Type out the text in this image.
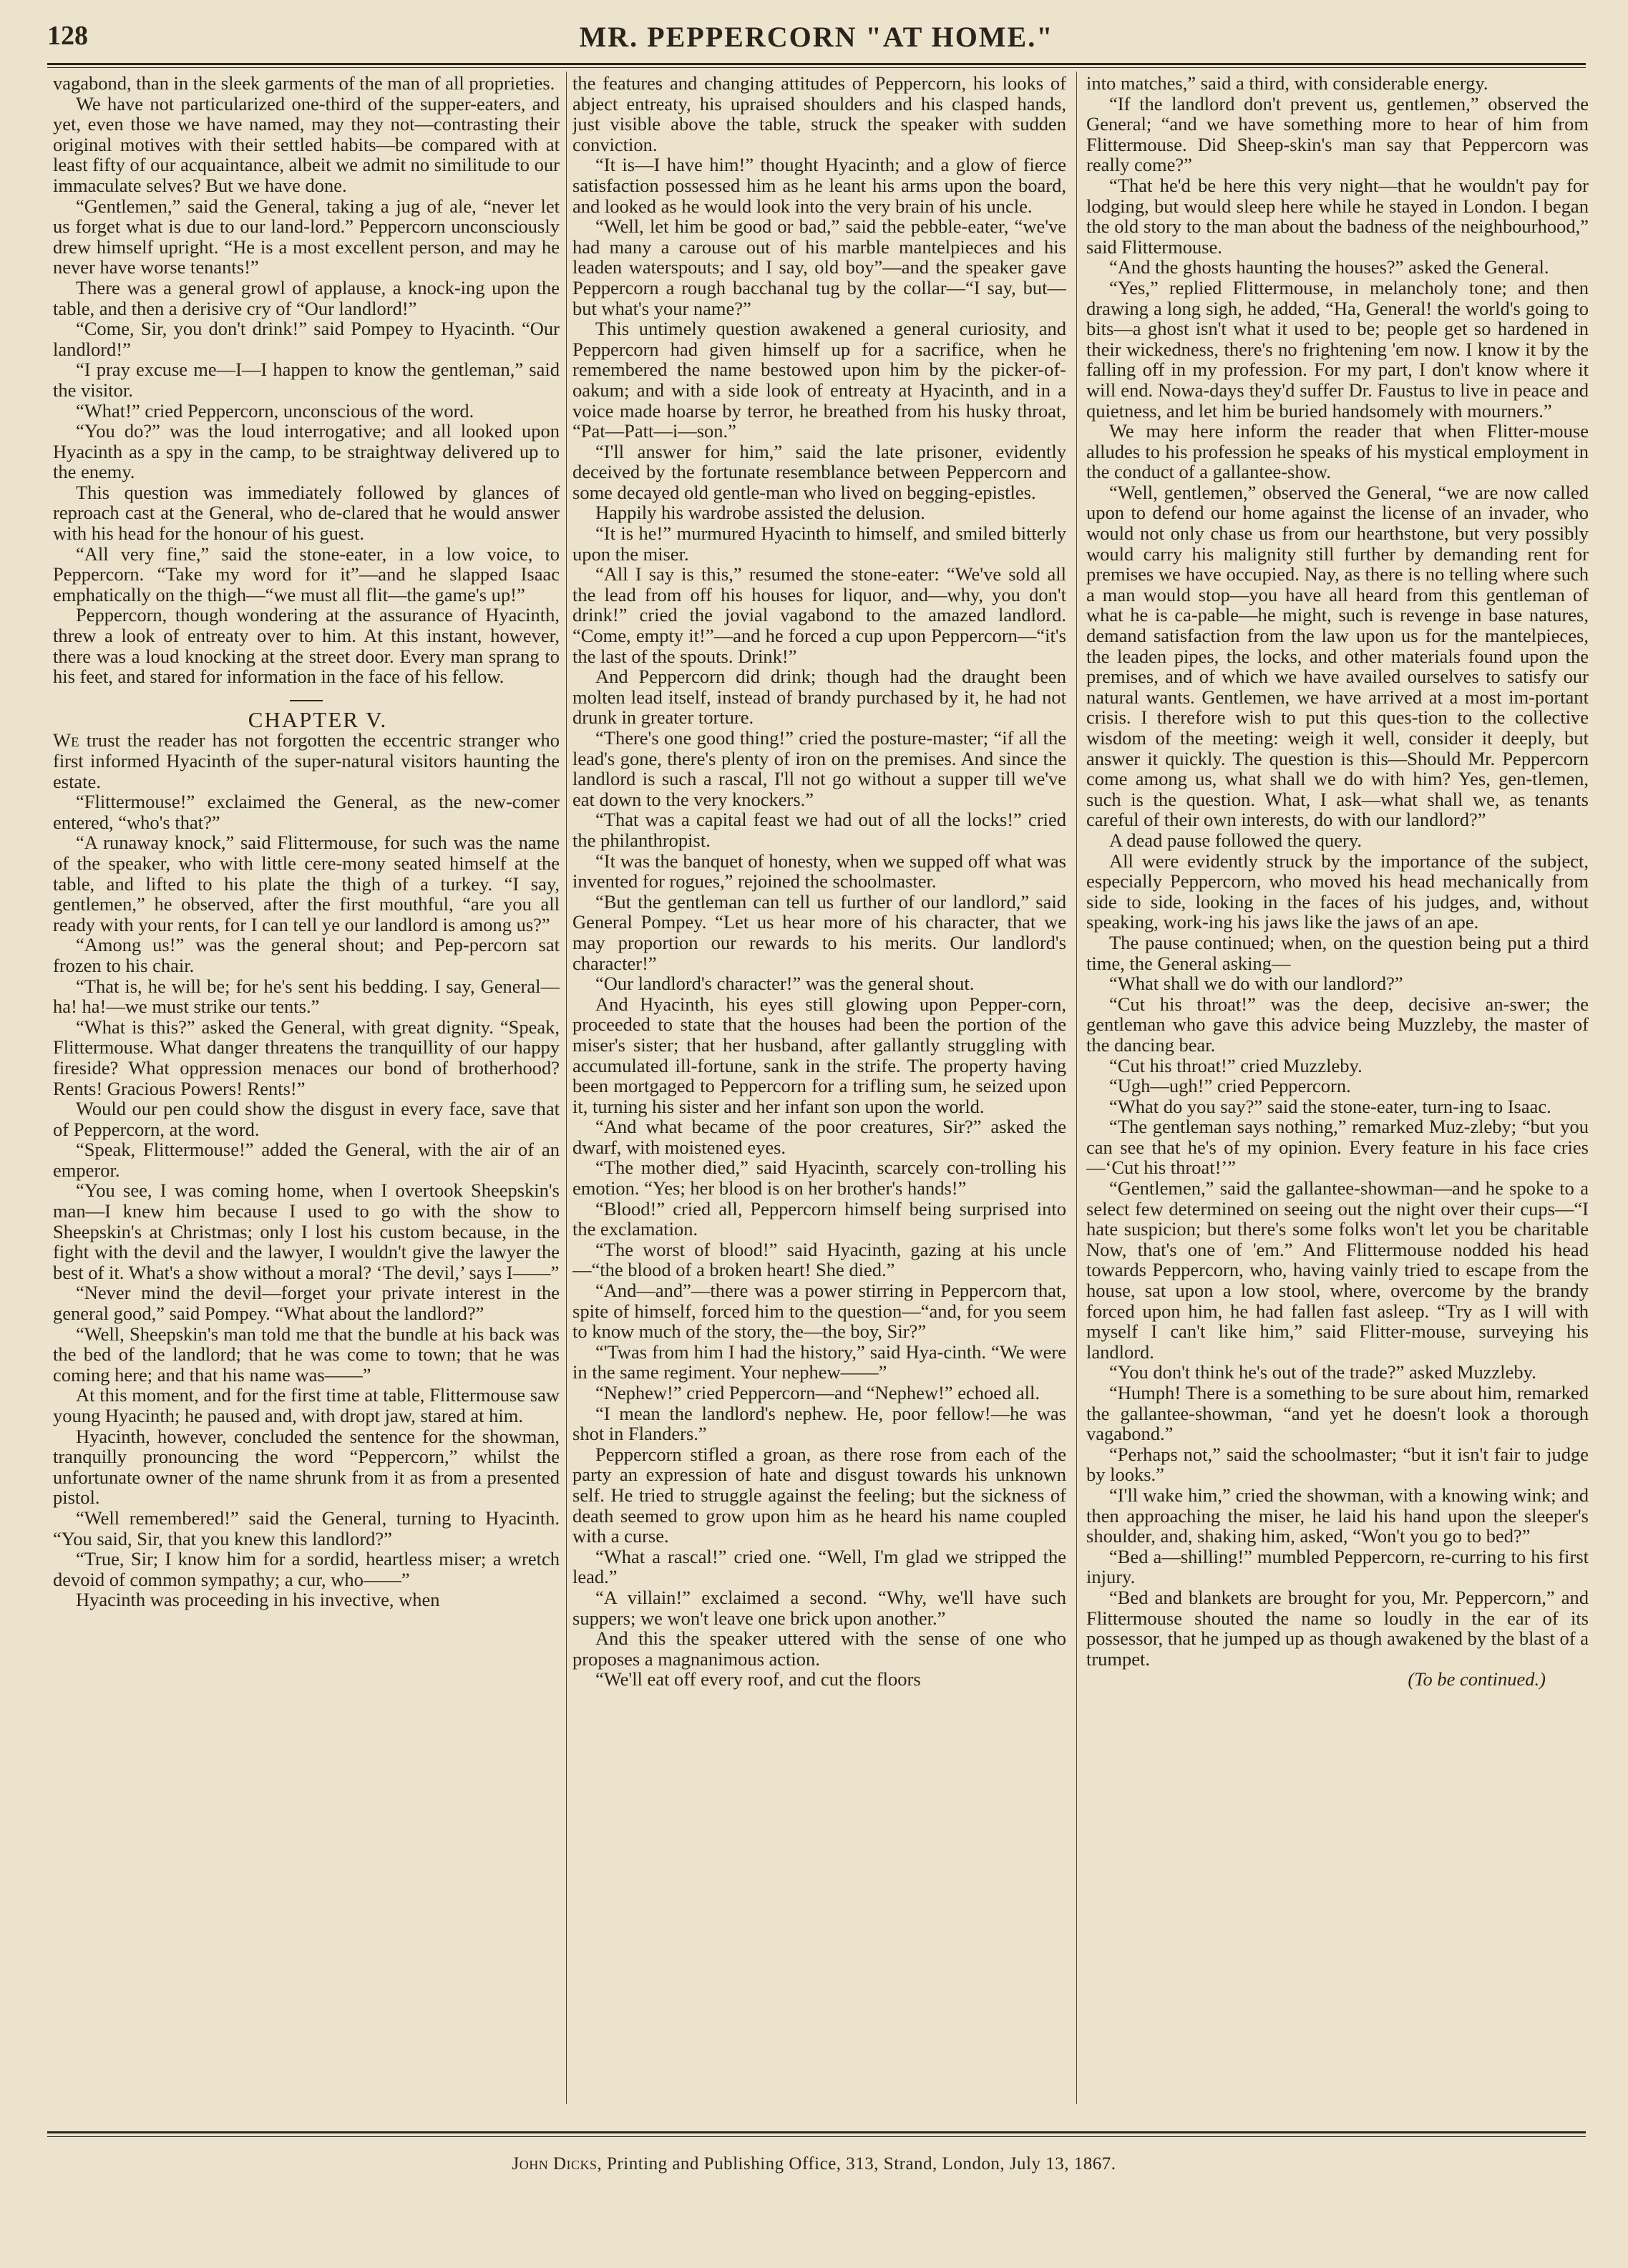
128	MR. PEPPERCORN "AT HOME."

vagabond, than in the sleek garments of the man of all proprieties.

We have not particularized one-third of the supper-eaters, and yet, even those we have named, may they not—contrasting their original motives with their settled habits—be compared with at least fifty of our acquaintance, albeit we admit no similitude to our immaculate selves? But we have done.

“Gentlemen,” said the General, taking a jug of ale, “never let us forget what is due to our land-lord.” Peppercorn unconsciously drew himself upright. “He is a most excellent person, and may he never have worse tenants!”

There was a general growl of applause, a knock-ing upon the table, and then a derisive cry of “Our landlord!”

“Come, Sir, you don't drink!” said Pompey to Hyacinth. “Our landlord!”

“I pray excuse me—I—I happen to know the gentleman,” said the visitor.

“What!” cried Peppercorn, unconscious of the word.

“You do?” was the loud interrogative; and all looked upon Hyacinth as a spy in the camp, to be straightway delivered up to the enemy.

This question was immediately followed by glances of reproach cast at the General, who de-clared that he would answer with his head for the honour of his guest.

“All very fine,” said the stone-eater, in a low voice, to Peppercorn. “Take my word for it”—and he slapped Isaac emphatically on the thigh—“we must all flit—the game's up!”

Peppercorn, though wondering at the assurance of Hyacinth, threw a look of entreaty over to him. At this instant, however, there was a loud knocking at the street door. Every man sprang to his feet, and stared for information in the face of his fellow.

CHAPTER V.

We trust the reader has not forgotten the eccentric stranger who first informed Hyacinth of the super-natural visitors haunting the estate.

“Flittermouse!” exclaimed the General, as the new-comer entered, “who's that?”

“A runaway knock,” said Flittermouse, for such was the name of the speaker, who with little cere-mony seated himself at the table, and lifted to his plate the thigh of a turkey. “I say, gentlemen,” he observed, after the first mouthful, “are you all ready with your rents, for I can tell ye our landlord is among us?”

“Among us!” was the general shout; and Pep-percorn sat frozen to his chair.

“That is, he will be; for he's sent his bedding. I say, General—ha! ha!—we must strike our tents.”

“What is this?” asked the General, with great dignity. “Speak, Flittermouse. What danger threatens the tranquillity of our happy fireside? What oppression menaces our bond of brotherhood? Rents! Gracious Powers! Rents!”

Would our pen could show the disgust in every face, save that of Peppercorn, at the word.

“Speak, Flittermouse!” added the General, with the air of an emperor.

“You see, I was coming home, when I overtook Sheepskin's man—I knew him because I used to go with the show to Sheepskin's at Christmas; only I lost his custom because, in the fight with the devil and the lawyer, I wouldn't give the lawyer the best of it. What's a show without a moral? ‘The devil,’ says I——”

“Never mind the devil—forget your private interest in the general good,” said Pompey. “What about the landlord?”

“Well, Sheepskin's man told me that the bundle at his back was the bed of the landlord; that he was come to town; that he was coming here; and that his name was——”

At this moment, and for the first time at table, Flittermouse saw young Hyacinth; he paused and, with dropt jaw, stared at him.

Hyacinth, however, concluded the sentence for the showman, tranquilly pronouncing the word “Peppercorn,” whilst the unfortunate owner of the name shrunk from it as from a presented pistol.

“Well remembered!” said the General, turning to Hyacinth. “You said, Sir, that you knew this landlord?”

“True, Sir; I know him for a sordid, heartless miser; a wretch devoid of common sympathy; a cur, who——”

Hyacinth was proceeding in his invective, when

the features and changing attitudes of Peppercorn, his looks of abject entreaty, his upraised shoulders and his clasped hands, just visible above the table, struck the speaker with sudden conviction.

“It is—I have him!” thought Hyacinth; and a glow of fierce satisfaction possessed him as he leant his arms upon the board, and looked as he would look into the very brain of his uncle.

“Well, let him be good or bad,” said the pebble-eater, “we've had many a carouse out of his marble mantelpieces and his leaden waterspouts; and I say, old boy”—and the speaker gave Peppercorn a rough bacchanal tug by the collar—“I say, but—but what's your name?”

This untimely question awakened a general curiosity, and Peppercorn had given himself up for a sacrifice, when he remembered the name bestowed upon him by the picker-of-oakum; and with a side look of entreaty at Hyacinth, and in a voice made hoarse by terror, he breathed from his husky throat, “Pat—Patt—i—son.”

“I'll answer for him,” said the late prisoner, evidently deceived by the fortunate resemblance between Peppercorn and some decayed old gentle-man who lived on begging-epistles.

Happily his wardrobe assisted the delusion.

“It is he!” murmured Hyacinth to himself, and smiled bitterly upon the miser.

“All I say is this,” resumed the stone-eater: “We've sold all the lead from off his houses for liquor, and—why, you don't drink!” cried the jovial vagabond to the amazed landlord. “Come, empty it!”—and he forced a cup upon Peppercorn—“it's the last of the spouts. Drink!”

And Peppercorn did drink; though had the draught been molten lead itself, instead of brandy purchased by it, he had not drunk in greater torture.

“There's one good thing!” cried the posture-master; “if all the lead's gone, there's plenty of iron on the premises. And since the landlord is such a rascal, I'll not go without a supper till we've eat down to the very knockers.”

“That was a capital feast we had out of all the locks!” cried the philanthropist.

“It was the banquet of honesty, when we supped off what was invented for rogues,” rejoined the schoolmaster.

“But the gentleman can tell us further of our landlord,” said General Pompey. “Let us hear more of his character, that we may proportion our rewards to his merits. Our landlord's character!”

“Our landlord's character!” was the general shout.

And Hyacinth, his eyes still glowing upon Pepper-corn, proceeded to state that the houses had been the portion of the miser's sister; that her husband, after gallantly struggling with accumulated ill-fortune, sank in the strife. The property having been mortgaged to Peppercorn for a trifling sum, he seized upon it, turning his sister and her infant son upon the world.

“And what became of the poor creatures, Sir?” asked the dwarf, with moistened eyes.

“The mother died,” said Hyacinth, scarcely con-trolling his emotion. “Yes; her blood is on her brother's hands!”

“Blood!” cried all, Peppercorn himself being surprised into the exclamation.

“The worst of blood!” said Hyacinth, gazing at his uncle—“the blood of a broken heart! She died.”

“And—and”—there was a power stirring in Peppercorn that, spite of himself, forced him to the question—“and, for you seem to know much of the story, the—the boy, Sir?”

“'Twas from him I had the history,” said Hya-cinth. “We were in the same regiment. Your nephew——”

“Nephew!” cried Peppercorn—and “Nephew!” echoed all.

“I mean the landlord's nephew. He, poor fellow!—he was shot in Flanders.”

Peppercorn stifled a groan, as there rose from each of the party an expression of hate and disgust towards his unknown self. He tried to struggle against the feeling; but the sickness of death seemed to grow upon him as he heard his name coupled with a curse.

“What a rascal!” cried one. “Well, I'm glad we stripped the lead.”

“A villain!” exclaimed a second. “Why, we'll have such suppers; we won't leave one brick upon another.”

And this the speaker uttered with the sense of one who proposes a magnanimous action.

“We'll eat off every roof, and cut the floors

into matches,” said a third, with considerable energy.

“If the landlord don't prevent us, gentlemen,” observed the General; “and we have something more to hear of him from Flittermouse. Did Sheep-skin's man say that Peppercorn was really come?”

“That he'd be here this very night—that he wouldn't pay for lodging, but would sleep here while he stayed in London. I began the old story to the man about the badness of the neighbourhood,” said Flittermouse.

“And the ghosts haunting the houses?” asked the General.

“Yes,” replied Flittermouse, in melancholy tone; and then drawing a long sigh, he added, “Ha, General! the world's going to bits—a ghost isn't what it used to be; people get so hardened in their wickedness, there's no frightening 'em now. I know it by the falling off in my profession. For my part, I don't know where it will end. Nowa-days they'd suffer Dr. Faustus to live in peace and quietness, and let him be buried handsomely with mourners.”

We may here inform the reader that when Flitter-mouse alludes to his profession he speaks of his mystical employment in the conduct of a gallantee-show.

“Well, gentlemen,” observed the General, “we are now called upon to defend our home against the license of an invader, who would not only chase us from our hearthstone, but very possibly would carry his malignity still further by demanding rent for premises we have occupied. Nay, as there is no telling where such a man would stop—you have all heard from this gentleman of what he is ca-pable—he might, such is revenge in base natures, demand satisfaction from the law upon us for the mantelpieces, the leaden pipes, the locks, and other materials found upon the premises, and of which we have availed ourselves to satisfy our natural wants. Gentlemen, we have arrived at a most im-portant crisis. I therefore wish to put this ques-tion to the collective wisdom of the meeting: weigh it well, consider it deeply, but answer it quickly. The question is this—Should Mr. Peppercorn come among us, what shall we do with him? Yes, gen-tlemen, such is the question. What, I ask—what shall we, as tenants careful of their own interests, do with our landlord?”

A dead pause followed the query.

All were evidently struck by the importance of the subject, especially Peppercorn, who moved his head mechanically from side to side, looking in the faces of his judges, and, without speaking, work-ing his jaws like the jaws of an ape.

The pause continued; when, on the question being put a third time, the General asking—

“What shall we do with our landlord?”

“Cut his throat!” was the deep, decisive an-swer; the gentleman who gave this advice being Muzzleby, the master of the dancing bear.

“Cut his throat!” cried Muzzleby.

“Ugh—ugh!” cried Peppercorn.

“What do you say?” said the stone-eater, turn-ing to Isaac.

“The gentleman says nothing,” remarked Muz-zleby; “but you can see that he's of my opinion. Every feature in his face cries—‘Cut his throat!’”

“Gentlemen,” said the gallantee-showman—and he spoke to a select few determined on seeing out the night over their cups—“I hate suspicion; but there's some folks won't let you be charitable Now, that's one of 'em.” And Flittermouse nodded his head towards Peppercorn, who, having vainly tried to escape from the house, sat upon a low stool, where, overcome by the brandy forced upon him, he had fallen fast asleep. “Try as I will with myself I can't like him,” said Flitter-mouse, surveying his landlord.

“You don't think he's out of the trade?” asked Muzzleby.

“Humph! There is a something to be sure about him, remarked the gallantee-showman, “and yet he doesn't look a thorough vagabond.”

“Perhaps not,” said the schoolmaster; “but it isn't fair to judge by looks.”

“I'll wake him,” cried the showman, with a knowing wink; and then approaching the miser, he laid his hand upon the sleeper's shoulder, and, shaking him, asked, “Won't you go to bed?”

“Bed a—shilling!” mumbled Peppercorn, re-curring to his first injury.

“Bed and blankets are brought for you, Mr. Peppercorn,” and Flittermouse shouted the name so loudly in the ear of its possessor, that he jumped up as though awakened by the blast of a trumpet.

(To be continued.)

John Dicks, Printing and Publishing Office, 313, Strand, London, July 13, 1867.
